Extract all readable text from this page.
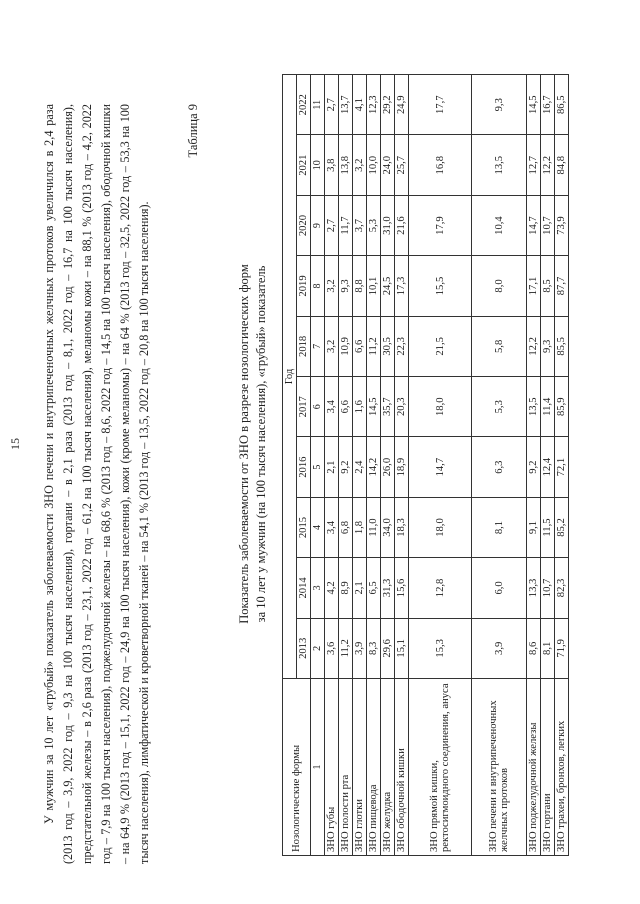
15 У мужчин за 10 лет «грубый» показатель заболеваемости ЗНО печени и внутрипеченочных желчных протоков увеличился в 2,4 раза (2013 год – 3,9, 2022 год – 9,3 на 100 тысяч населения), гортани – в 2,1 раза (2013 год – 8,1, 2022 год – 16,7 на 100 тысяч населения), предстательной железы – в 2,6 раза (2013 год – 23,1, 2022 год – 61,2 на 100 тысяч населения), меланомы кожи – на 88,1 % (2013 год – 4,2, 2022 год – 7,9 на 100 тысяч населения), поджелудочной железы – на 68,6 % (2013 год – 8,6, 2022 год – 14,5 на 100 тысяч населения), ободочной кишки – на 64,9 % (2013 год – 15,1, 2022 год – 24,9 на 100 тысяч населения), кожи (кроме меланомы) – на 64 % (2013 год – 32,5, 2022 год – 53,3 на 100 тысяч населения), лимфатической и кроветворной тканей – на 54,1 % (2013 год – 13,5, 2022 год – 20,8 на 100 тысяч населения).

Таблица 9
Показатель заболеваемости от ЗНО в разрезе нозологических форм за 10 лет у мужчин (на 100 тысяч населения), «грубый» показатель
Нозологические формы	Год									
	2013	2014	2015	2016	2017	2018	2019	2020	2021	2022
1	2	3	4	5	6	7	8	9	10	11
ЗНО губы	3,6	4,2	3,4	2,1	3,4	3,2	3,2	2,7	3,8	2,7
ЗНО полости рта	11,2	8,9	6,8	9,2	6,6	10,9	9,3	11,7	13,8	13,7
ЗНО глотки	3,9	2,1	1,8	2,4	1,6	6,6	8,8	3,7	3,2	4,1
ЗНО пищевода	8,3	6,5	11,0	14,2	14,5	11,2	10,1	5,3	10,0	12,3
ЗНО желудка	29,6	31,3	34,0	26,0	35,7	30,5	24,5	31,0	24,0	29,2
ЗНО ободочной кишки	15,1	15,6	18,3	18,9	20,3	22,3	17,3	21,6	25,7	24,9
ЗНО прямой кишки, ректосигмоидного соединения, ануса	15,3	12,8	18,0	14,7	18,0	21,5	15,5	17,9	16,8	17,7
ЗНО печени и внутрипеченочных желчных протоков	3,9	6,0	8,1	6,3	5,3	5,8	8,0	10,4	13,5	9,3
ЗНО поджелудочной железы	8,6	13,3	9,1	9,2	13,5	12,2	17,1	14,7	12,7	14,5
ЗНО гортани	8,1	10,7	11,5	12,4	11,4	9,3	8,5	10,7	12,2	16,7
ЗНО трахеи, бронхов, легких	71,9	82,3	85,2	72,1	85,9	85,5	87,7	73,9	84,8	86,5
